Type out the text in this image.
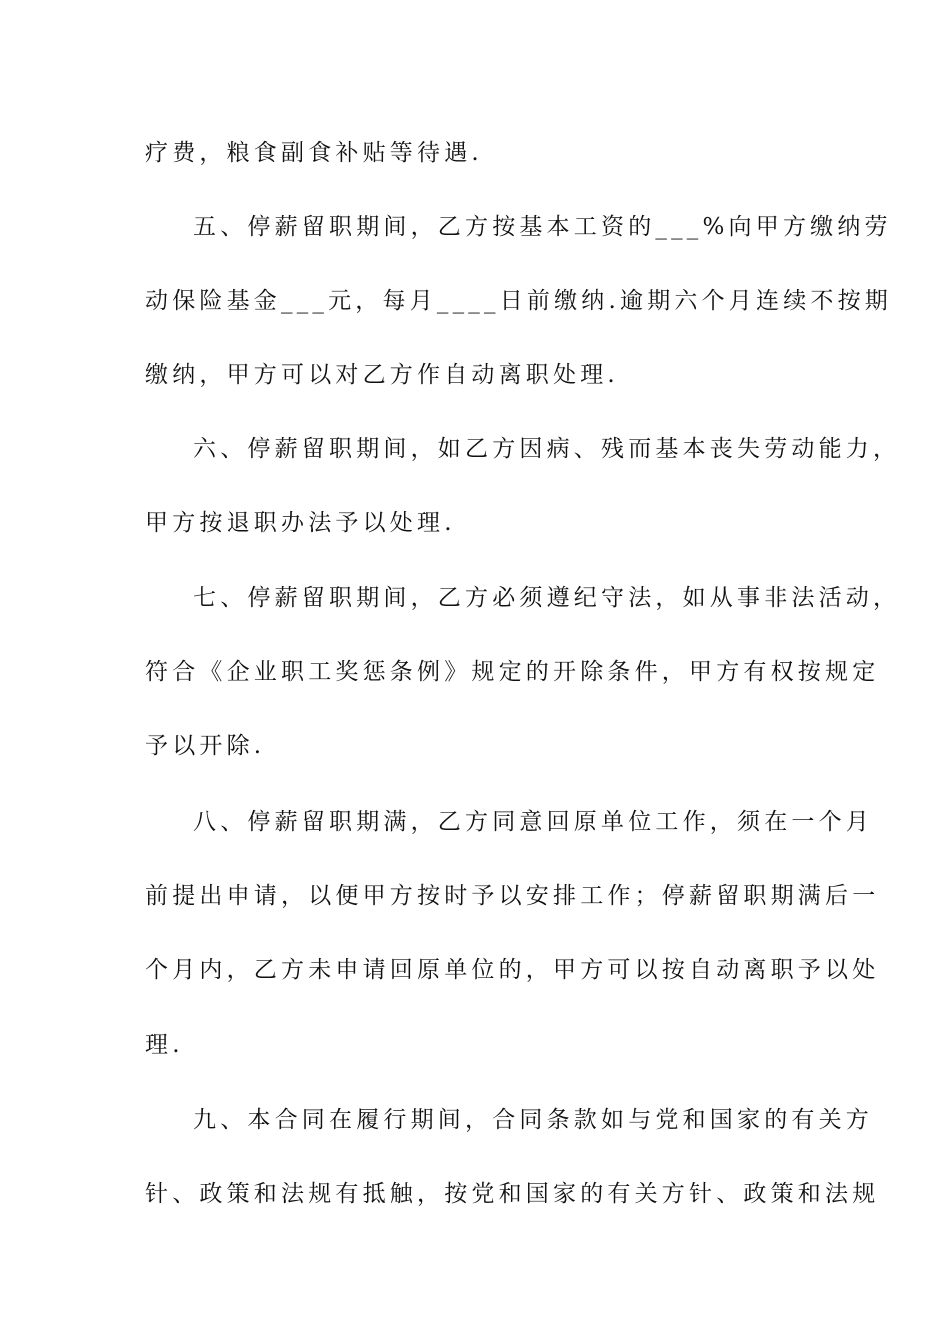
疗费，粮食副食补贴等待遇.
五、停薪留职期间，乙方按基本工资的___%向甲方缴纳劳
动保险基金___元，每月____日前缴纳.逾期六个月连续不按期
缴纳，甲方可以对乙方作自动离职处理.
六、停薪留职期间，如乙方因病、残而基本丧失劳动能力，
甲方按退职办法予以处理.
七、停薪留职期间，乙方必须遵纪守法，如从事非法活动，
符合《企业职工奖惩条例》规定的开除条件，甲方有权按规定
予以开除.
八、停薪留职期满，乙方同意回原单位工作，须在一个月
前提出申请，以便甲方按时予以安排工作；停薪留职期满后一
个月内，乙方未申请回原单位的，甲方可以按自动离职予以处
理.
九、本合同在履行期间，合同条款如与党和国家的有关方
针、政策和法规有抵触，按党和国家的有关方针、政策和法规
